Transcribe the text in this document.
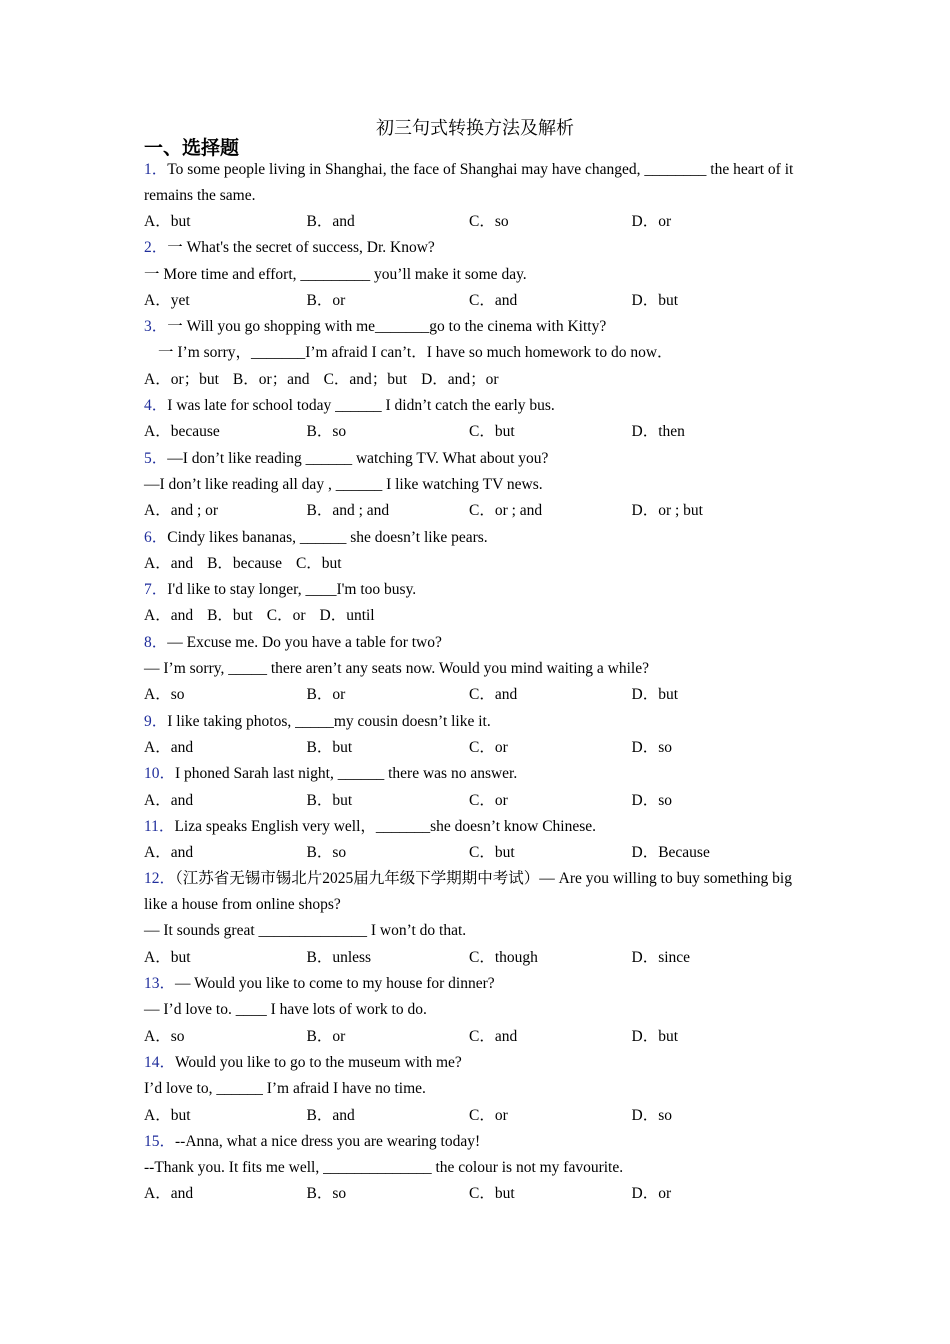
初三句式转换方法及解析
一、选择题
1．To some people living in Shanghai, the face of Shanghai may have changed, ________ the heart of it remains the same.
A．but	B．and	C．so	D．or
2．一 What's the secret of success, Dr. Know?
一 More time and effort, _________ you’ll make it some day.
A．yet	B．or	C．and	D．but
3．一 Will you go shopping with me_______go to the cinema with Kitty?
一 I’m sorry，_______I’m afraid I can’t．I have so much homework to do now．
A．or；but B．or；and C．and；but D．and；or
4．I was late for school today ______ I didn’t catch the early bus.
A．because	B．so	C．but	D．then
5．—I don’t like reading ______ watching TV. What about you?
—I don’t like reading all day , ______ I like watching TV news.
A．and ; or	B．and ; and	C．or ; and	D．or ; but
6．Cindy likes bananas, ______ she doesn’t like pears.
A．and B．because C．but
7．I'd like to stay longer, ____I'm too busy.
A．and B．but C．or D．until
8．— Excuse me. Do you have a table for two?
— I’m sorry, _____ there aren’t any seats now. Would you mind waiting a while?
A．so	B．or	C．and	D．but
9．I like taking photos, _____my cousin doesn’t like it.
A．and	B．but	C．or	D．so
10．I phoned Sarah last night, ______ there was no answer.
A．and	B．but	C．or	D．so
11．Liza speaks English very well，_______she doesn’t know Chinese.
A．and	B．so	C．but	D．Because
12．（江苏省无锡市锡北片2025届九年级下学期期中考试）— Are you willing to buy something big like a house from online shops?
— It sounds great ______________ I won’t do that.
A．but	B．unless	C．though	D．since
13．— Would you like to come to my house for dinner?
— I’d love to. ____ I have lots of work to do.
A．so	B．or	C．and	D．but
14．Would you like to go to the museum with me?
I’d love to, ______ I’m afraid I have no time.
A．but	B．and	C．or	D．so
15．--Anna, what a nice dress you are wearing today!
--Thank you. It fits me well, ______________ the colour is not my favourite.
A．and	B．so	C．but	D．or
